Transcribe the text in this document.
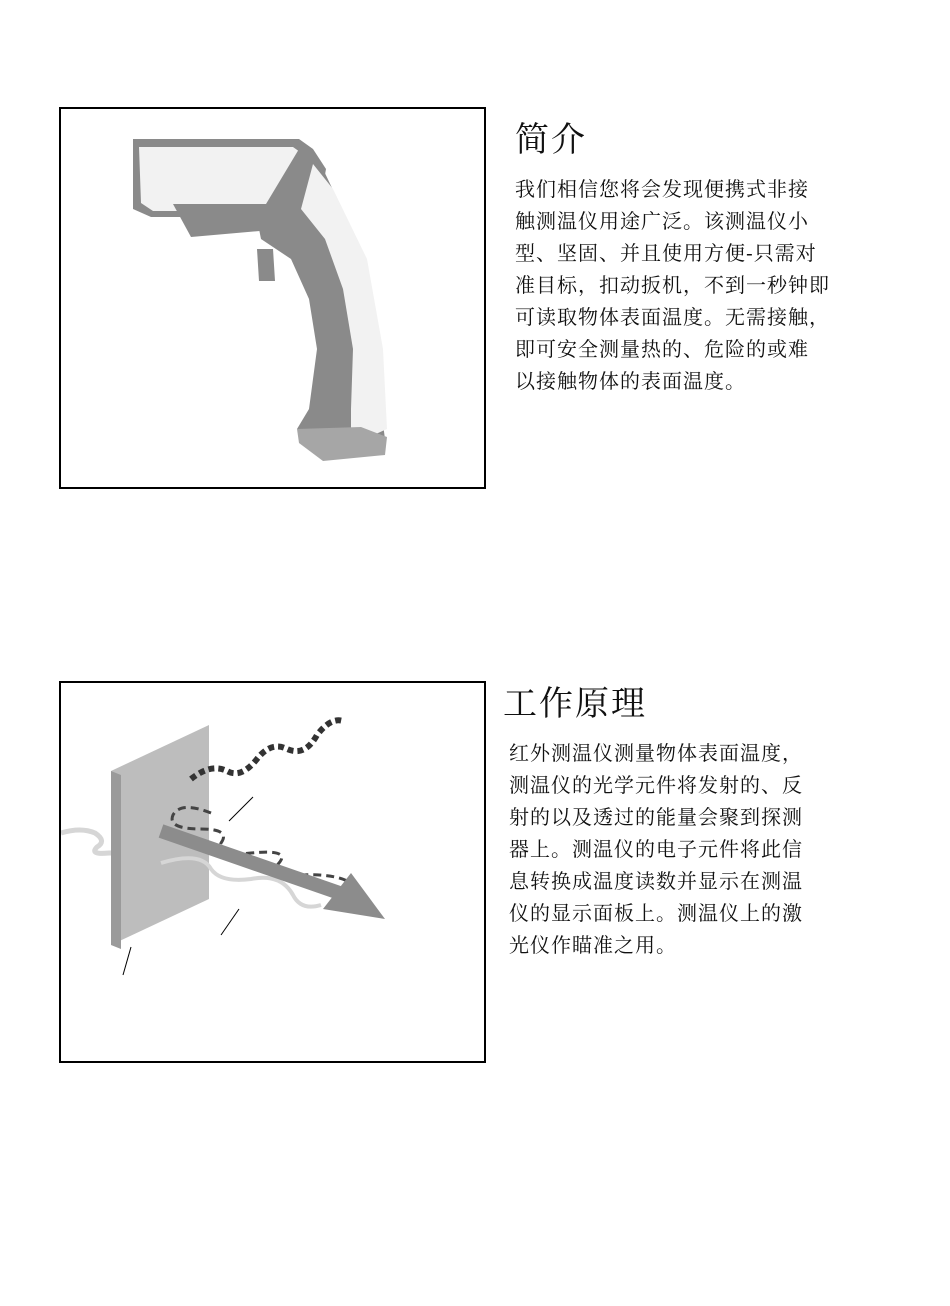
简介

我们相信您将会发现便携式非接
触测温仪用途广泛。该测温仪小
型、坚固、并且使用方便-只需对
准目标，扣动扳机，不到一秒钟即
可读取物体表面温度。无需接触，
即可安全测量热的、危险的或难
以接触物体的表面温度。

工作原理

红外测温仪测量物体表面温度，
测温仪的光学元件将发射的、反
射的以及透过的能量会聚到探测
器上。测温仪的电子元件将此信
息转换成温度读数并显示在测温
仪的显示面板上。测温仪上的激
光仪作瞄准之用。
